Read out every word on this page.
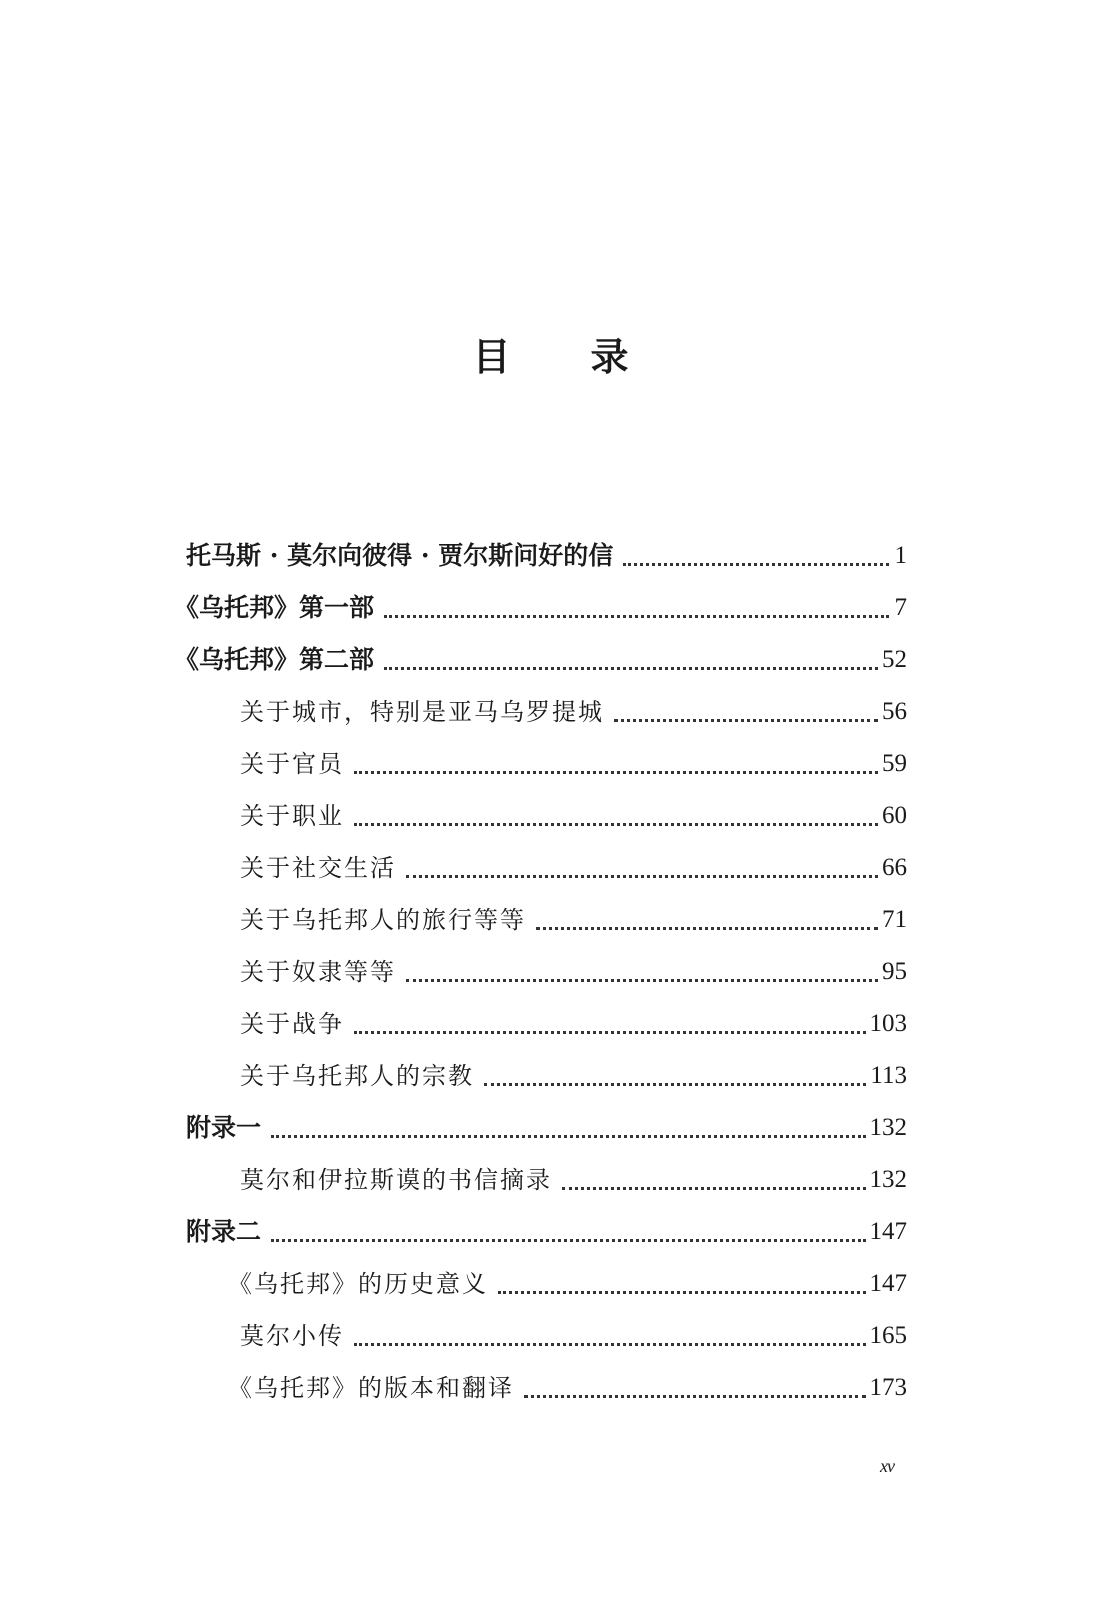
目 录
托马斯 · 莫尔向彼得 · 贾尔斯问好的信	1
《乌托邦》第一部	7
《乌托邦》第二部	52
关于城市，特别是亚马乌罗提城	56
关于官员	59
关于职业	60
关于社交生活	66
关于乌托邦人的旅行等等	71
关于奴隶等等	95
关于战争	103
关于乌托邦人的宗教	113
附录一	132
莫尔和伊拉斯谟的书信摘录	132
附录二	147
《乌托邦》的历史意义	147
莫尔小传	165
《乌托邦》的版本和翻译	173
xv
